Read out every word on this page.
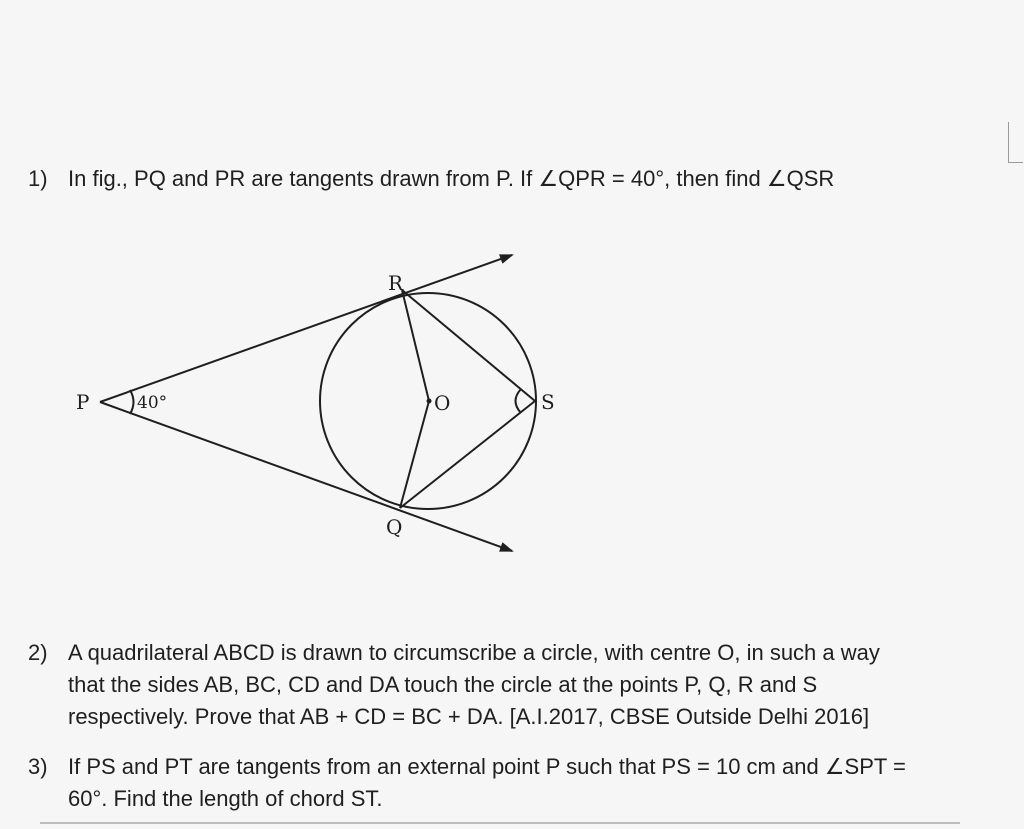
1) In fig., PQ and PR are tangents drawn from P. If ∠QPR = 40°, then find ∠QSR
P
R
Q
O	S
40°
2) A quadrilateral ABCD is drawn to circumscribe a circle, with centre O, in such a way
that the sides AB, BC, CD and DA touch the circle at the points P, Q, R and S
respectively. Prove that AB + CD = BC + DA. [A.I.2017, CBSE Outside Delhi 2016]
3) If PS and PT are tangents from an external point P such that PS = 10 cm and ∠SPT =
60°. Find the length of chord ST.
